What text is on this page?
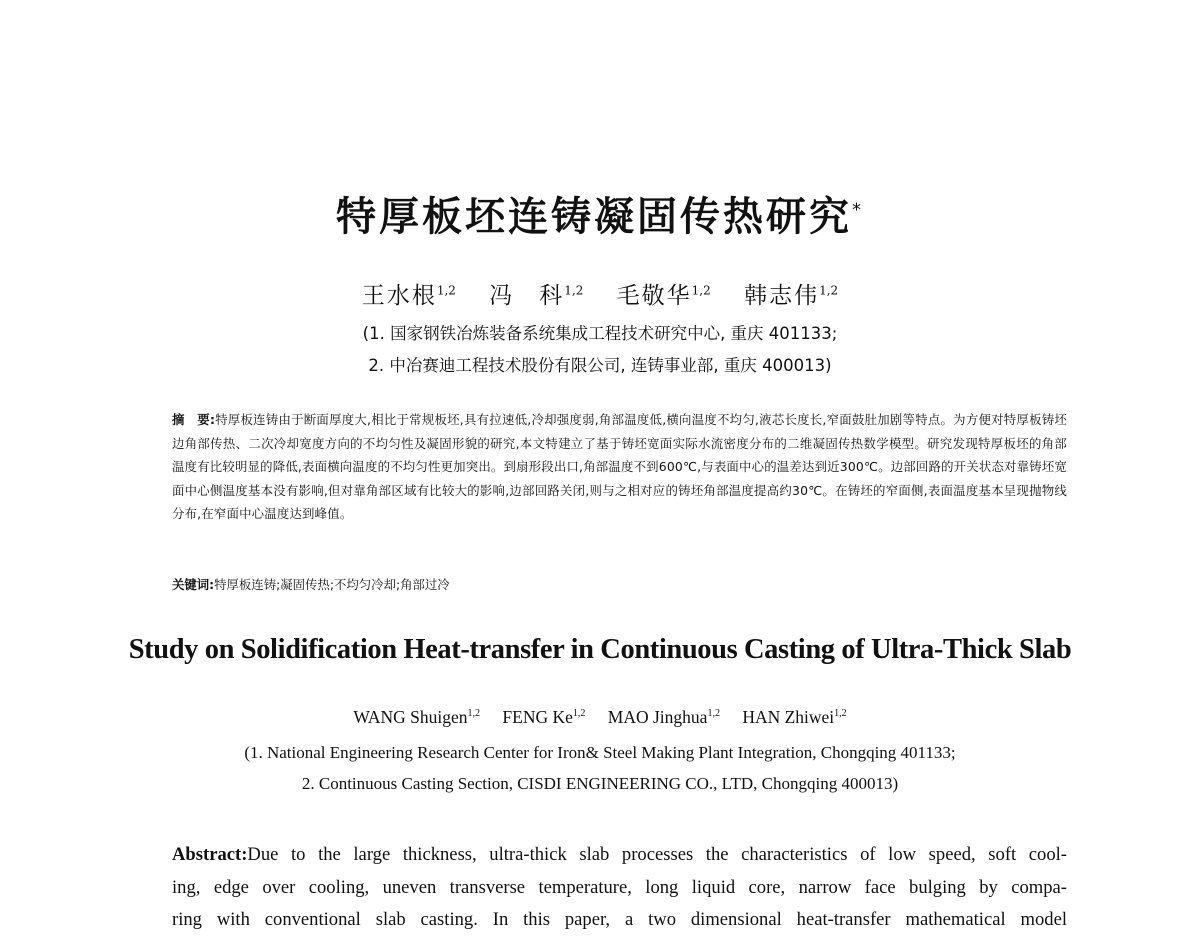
特厚板坯连铸凝固传热研究*
王水根$^{1,2}$ 冯　科$^{1,2}$ 毛敬华$^{1,2}$ 韩志伟$^{1,2}$
(1. 国家钢铁冶炼装备系统集成工程技术研究中心, 重庆 401133;
2. 中冶赛迪工程技术股份有限公司, 连铸事业部, 重庆 400013)
摘　要:特厚板连铸由于断面厚度大,相比于常规板坯,具有拉速低,冷却强度弱,角部温度低,横向温度不均匀,液芯长度长,窄面鼓肚加剧等特点。为方便对特厚板铸坯边角部传热、二次冷却宽度方向的不均匀性及凝固形貌的研究,本文特建立了基于铸坯宽面实际水流密度分布的二维凝固传热数学模型。研究发现特厚板坯的角部温度有比较明显的降低,表面横向温度的不均匀性更加突出。到扇形段出口,角部温度不到600℃,与表面中心的温差达到近300℃。边部回路的开关状态对靠铸坯宽面中心侧温度基本没有影响,但对靠角部区域有比较大的影响,边部回路关闭,则与之相对应的铸坯角部温度提高约30℃。在铸坯的窄面侧,表面温度基本呈现抛物线分布,在窄面中心温度达到峰值。
关键词:特厚板连铸;凝固传热;不均匀冷却;角部过冷
Study on Solidification Heat-transfer in Continuous Casting of Ultra-Thick Slab
WANG Shuigen$^{1,2}$ FENG Ke$^{1,2}$ MAO Jinghua$^{1,2}$ HAN Zhiwei$^{1,2}$
(1. National Engineering Research Center for Iron& Steel Making Plant Integration, Chongqing 401133;
2. Continuous Casting Section, CISDI ENGINEERING CO., LTD, Chongqing 400013)
Abstract:Due to the large thickness, ultra-thick slab processes the characteristics of low speed, soft cool-
ing, edge over cooling, uneven transverse temperature, long liquid core, narrow face bulging by compa-
ring with conventional slab casting. In this paper, a two dimensional heat-transfer mathematical model
